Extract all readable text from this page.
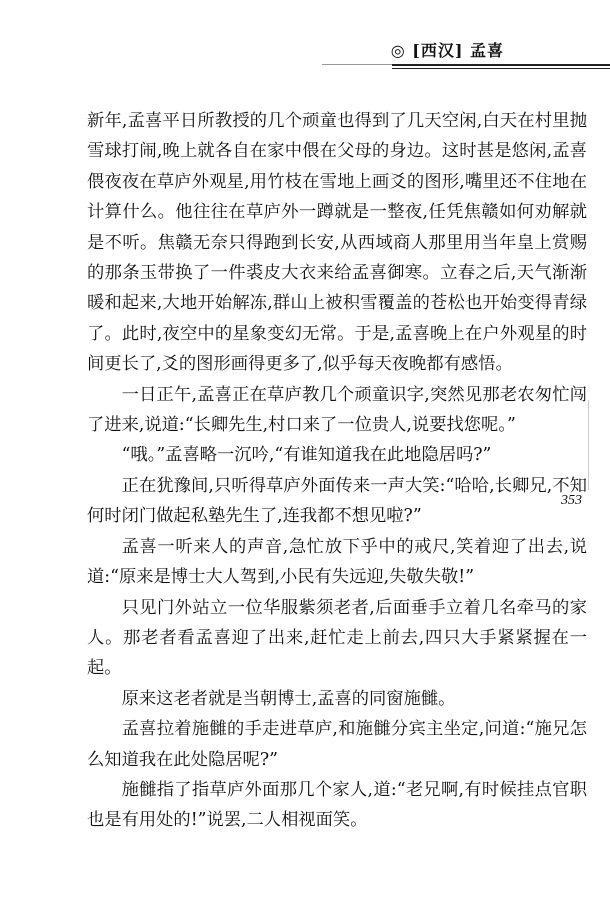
◎ [西汉] 孟喜

新年,孟喜平日所教授的几个顽童也得到了几天空闲,白天在村里抛雪球打闹,晚上就各自在家中偎在父母的身边。这时甚是悠闲,孟喜偎夜夜在草庐外观星,用竹枝在雪地上画爻的图形,嘴里还不住地在计算什么。他往往在草庐外一蹲就是一整夜,任凭焦赣如何劝解就是不听。焦赣无奈只得跑到长安,从西域商人那里用当年皇上赏赐的那条玉带换了一件裘皮大衣来给孟喜御寒。立春之后,天气渐渐暖和起来,大地开始解冻,群山上被积雪覆盖的苍松也开始变得青绿了。此时,夜空中的星象变幻无常。于是,孟喜晚上在户外观星的时间更长了,爻的图形画得更多了,似乎每天夜晚都有感悟。

一日正午,孟喜正在草庐教几个顽童识字,突然见那老农匆忙闯了进来,说道:“长卿先生,村口来了一位贵人,说要找您呢。”

“哦。”孟喜略一沉吟,“有谁知道我在此地隐居吗?”

正在犹豫间,只听得草庐外面传来一声大笑:“哈哈,长卿兄,不知何时闭门做起私塾先生了,连我都不想见啦?”

孟喜一听来人的声音,急忙放下乎中的戒尺,笑着迎了出去,说道:“原来是博士大人驾到,小民有失远迎,失敬失敬!”

只见门外站立一位华服紫须老者,后面垂手立着几名牵马的家人。那老者看孟喜迎了出来,赶忙走上前去,四只大手紧紧握在一起。

原来这老者就是当朝博士,孟喜的同窗施雠。

孟喜拉着施雠的手走进草庐,和施雠分宾主坐定,问道:“施兄怎么知道我在此处隐居呢?”

施雠指了指草庐外面那几个家人,道:“老兄啊,有时候挂点官职也是有用处的!”说罢,二人相视面笑。

353
